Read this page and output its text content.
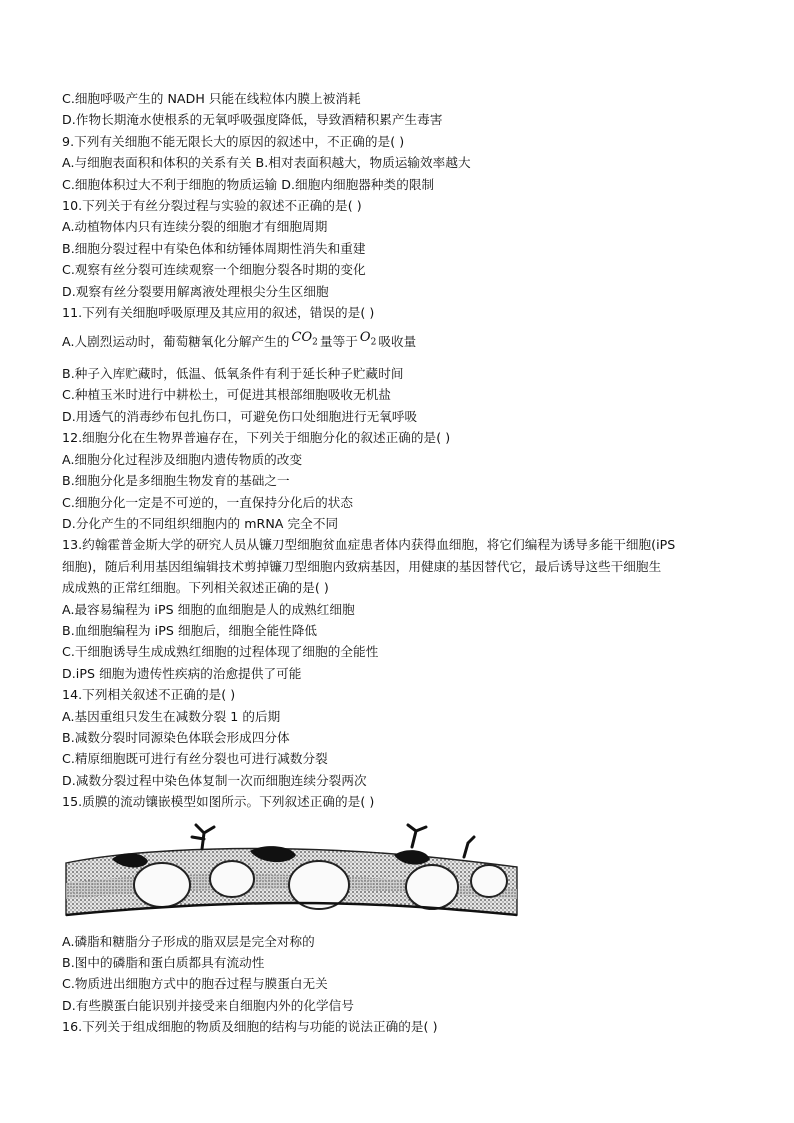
C.细胞呼吸产生的 NADH 只能在线粒体内膜上被消耗
D.作物长期淹水使根系的无氧呼吸强度降低，导致酒精积累产生毒害
9.下列有关细胞不能无限长大的原因的叙述中，不正确的是( )
A.与细胞表面积和体积的关系有关 B.相对表面积越大，物质运输效率越大
C.细胞体积过大不利于细胞的物质运输 D.细胞内细胞器种类的限制
10.下列关于有丝分裂过程与实验的叙述不正确的是( )
A.动植物体内只有连续分裂的细胞才有细胞周期
B.细胞分裂过程中有染色体和纺锤体周期性消失和重建
C.观察有丝分裂可连续观察一个细胞分裂各时期的变化
D.观察有丝分裂要用解离液处理根尖分生区细胞
11.下列有关细胞呼吸原理及其应用的叙述，错误的是( )
A.人剧烈运动时，葡萄糖氧化分解产生的 $CO_2$ 量等于 $O_2$ 吸收量
B.种子入库贮藏时，低温、低氧条件有利于延长种子贮藏时间
C.种植玉米时进行中耕松土，可促进其根部细胞吸收无机盐
D.用透气的消毒纱布包扎伤口，可避免伤口处细胞进行无氧呼吸
12.细胞分化在生物界普遍存在，下列关于细胞分化的叙述正确的是( )
A.细胞分化过程涉及细胞内遗传物质的改变
B.细胞分化是多细胞生物发育的基础之一
C.细胞分化一定是不可逆的，一直保持分化后的状态
D.分化产生的不同组织细胞内的 mRNA 完全不同
13.约翰霍普金斯大学的研究人员从镰刀型细胞贫血症患者体内获得血细胞，将它们编程为诱导多能干细胞(iPS
细胞)，随后利用基因组编辑技术剪掉镰刀型细胞内致病基因，用健康的基因替代它，最后诱导这些干细胞生
成成熟的正常红细胞。下列相关叙述正确的是( )
A.最容易编程为 iPS 细胞的血细胞是人的成熟红细胞
B.血细胞编程为 iPS 细胞后，细胞全能性降低
C.干细胞诱导生成成熟红细胞的过程体现了细胞的全能性
D.iPS 细胞为遗传性疾病的治愈提供了可能
14.下列相关叙述不正确的是( )
A.基因重组只发生在减数分裂 1 的后期
B.减数分裂时同源染色体联会形成四分体
C.精原细胞既可进行有丝分裂也可进行减数分裂
D.减数分裂过程中染色体复制一次而细胞连续分裂两次
15.质膜的流动镶嵌模型如图所示。下列叙述正确的是( )
A.磷脂和糖脂分子形成的脂双层是完全对称的
B.图中的磷脂和蛋白质都具有流动性
C.物质进出细胞方式中的胞吞过程与膜蛋白无关
D.有些膜蛋白能识别并接受来自细胞内外的化学信号
16.下列关于组成细胞的物质及细胞的结构与功能的说法正确的是( )
